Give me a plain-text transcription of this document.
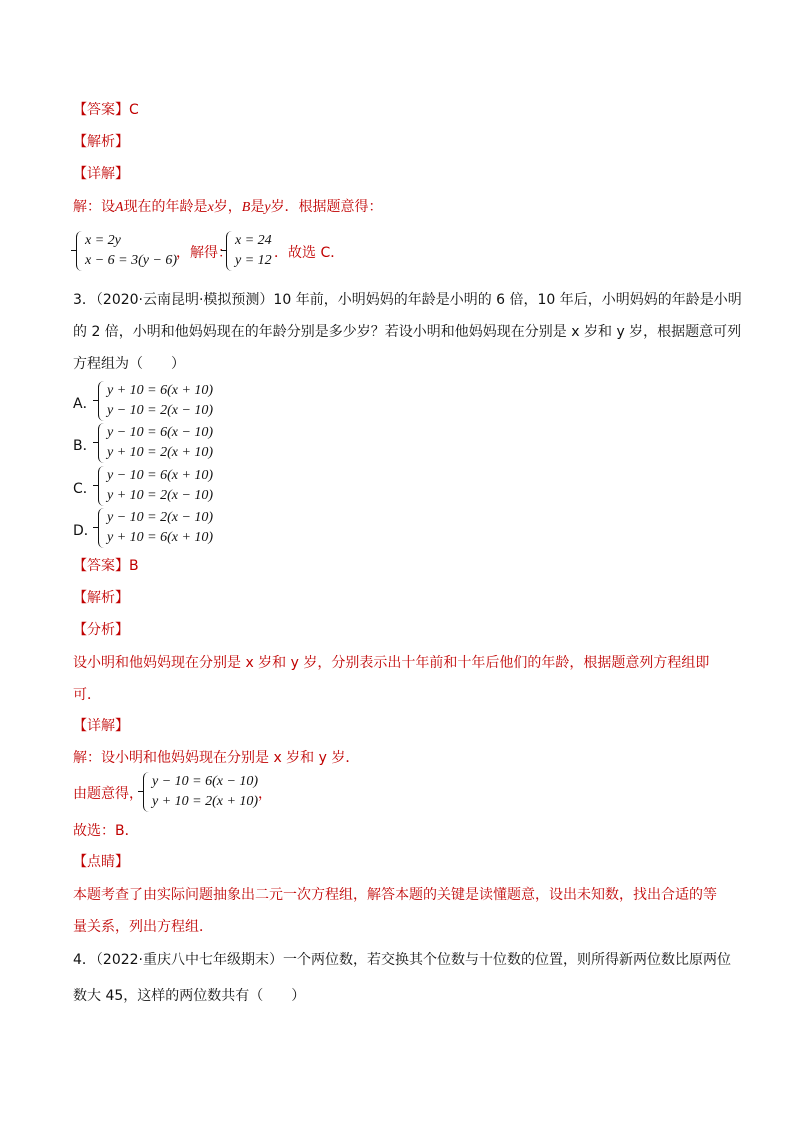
【答案】C
【解析】
【详解】
解：设A现在的年龄是x岁，B是y岁．根据题意得：
x = 2y
x − 6 = 3(y − 6)
，解得：
x = 24
y = 12 ．故选 C．
3．（2020·云南昆明·模拟预测）10 年前，小明妈妈的年龄是小明的 6 倍，10 年后，小明妈妈的年龄是小明
的 2 倍，小明和他妈妈现在的年龄分别是多少岁？若设小明和他妈妈现在分别是 x 岁和 y 岁，根据题意可列
方程组为（　　）
A．
y + 10 = 6(x + 10)
y − 10 = 2(x − 10)
B．
y − 10 = 6(x − 10)
y + 10 = 2(x + 10)
C．
y − 10 = 6(x + 10)
y + 10 = 2(x − 10)
D．
y − 10 = 2(x − 10)
y + 10 = 6(x + 10)
【答案】B
【解析】
【分析】
设小明和他妈妈现在分别是 x 岁和 y 岁，分别表示出十年前和十年后他们的年龄，根据题意列方程组即
可．
【详解】
解：设小明和他妈妈现在分别是 x 岁和 y 岁．
由题意得，
y − 10 = 6(x − 10)
y + 10 = 2(x + 10) ，
故选：B．
【点睛】
本题考查了由实际问题抽象出二元一次方程组，解答本题的关键是读懂题意，设出未知数，找出合适的等
量关系，列出方程组．
4．（2022·重庆八中七年级期末）一个两位数，若交换其个位数与十位数的位置，则所得新两位数比原两位
数大 45，这样的两位数共有（　　）
